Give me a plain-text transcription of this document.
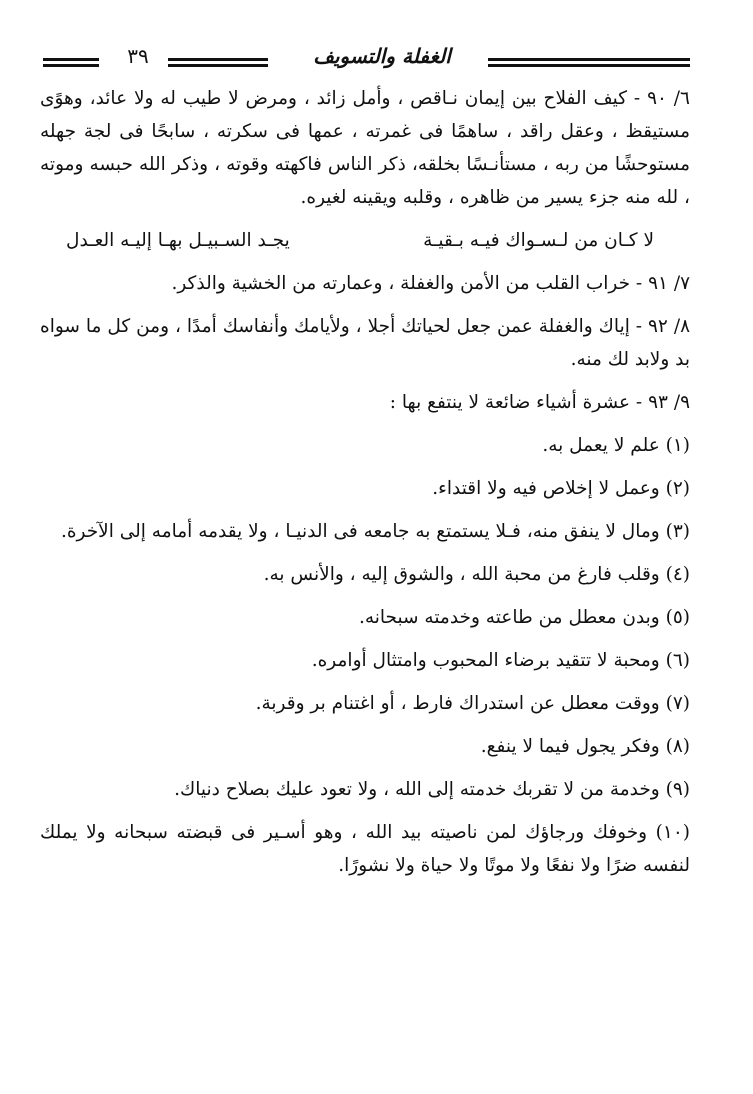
الغفلة والتسويف
٣٩

٦/ ٩٠ - كيف الفلاح بين إيمان نـاقص ، وأمل زائد ، ومرض لا طيب له ولا عائد، وهوًى مستيقظ ، وعقل راقد ، ساهمًا فى غمرته ، عمها فى سكرته ، سابحًا فى لجة جهله مستوحشًا من ربه ، مستأنـسًا بخلقه، ذكر الناس فاكهته وقوته ، وذكر الله حبسه وموته ، لله منه جزء يسير من ظاهره ، وقلبه ويقينه لغيره.

لا كـان من لـسـواك فيـه بـقيـة
يجـد السـبيـل بهـا إليـه العـدل

٧/ ٩١ - خراب القلب من الأمن والغفلة ، وعمارته من الخشية والذكر.

٨/ ٩٢ - إياك والغفلة عمن جعل لحياتك أجلا ، ولأيامك وأنفاسك أمدًا ، ومن كل ما سواه بد ولابد لك منه.

٩/ ٩٣ - عشرة أشياء ضائعة لا ينتفع بها :

(١) علم لا يعمل به.

(٢) وعمل لا إخلاص فيه ولا اقتداء.

(٣) ومال لا ينفق منه، فـلا يستمتع به جامعه فى الدنيـا ، ولا يقدمه أمامه إلى الآخرة.

(٤) وقلب فارغ من محبة الله ، والشوق إليه ، والأنس به.

(٥) وبدن معطل من طاعته وخدمته سبحانه.

(٦) ومحبة لا تتقيد برضاء المحبوب وامتثال أوامره.

(٧) ووقت معطل عن استدراك فارط ، أو اغتنام بر وقربة.

(٨) وفكر يجول فيما لا ينفع.

(٩) وخدمة من لا تقربك خدمته إلى الله ، ولا تعود عليك بصلاح دنياك.

(١٠) وخوفك ورجاؤك لمن ناصيته بيد الله ، وهو أسـير فى قبضته سبحانه ولا يملك لنفسه ضرًا ولا نفعًا ولا موتًا ولا حياة ولا نشورًا.
